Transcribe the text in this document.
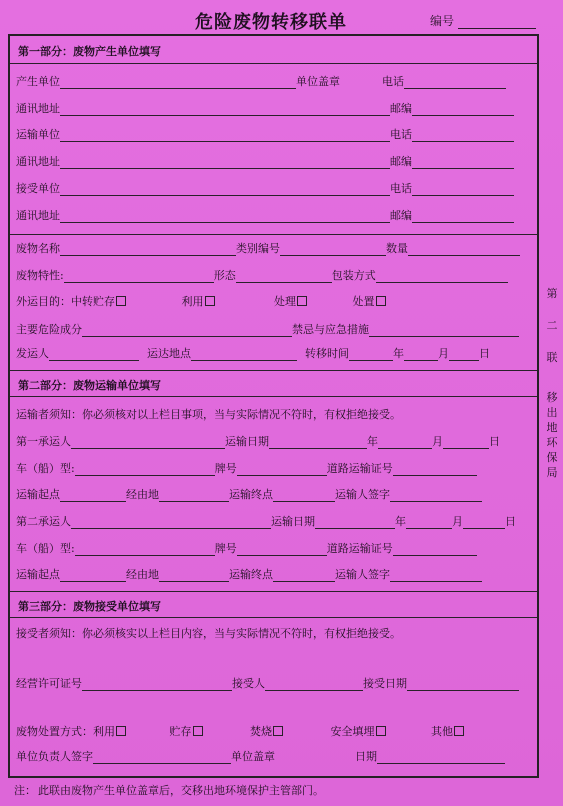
危险废物转移联单	编号
第一部分：废物产生单位填写
产生单位	单位盖章	电话
通讯地址	邮编
运输单位	电话
通讯地址	邮编
接受单位	电话
通讯地址	邮编
废物名称	类别编号	数量
废物特性:	形态	包装方式
外运目的：中转贮存	利用	处理	处置
主要危险成分	禁忌与应急措施
发运人	运达地点	转移时间	年	月	日
第二部分：废物运输单位填写
运输者须知：你必须核对以上栏目事项，当与实际情况不符时，有权拒绝接受。
第一承运人	运输日期	年	月	日
车（船）型:	牌号	道路运输证号
运输起点	经由地	运输终点	运输人签字
第二承运人	运输日期	年	月	日
车（船）型:	牌号	道路运输证号
运输起点	经由地	运输终点	运输人签字
第三部分：废物接受单位填写
接受者须知：你必须核实以上栏目内容，当与实际情况不符时，有权拒绝接受。
经营许可证号	接受人	接受日期
废物处置方式：利用	贮存	焚烧	安全填埋	其他
单位负责人签字	单位盖章	日期
第
二
联
移
出
地
环
保
局
注： 此联由废物产生单位盖章后，交移出地环境保护主管部门。
